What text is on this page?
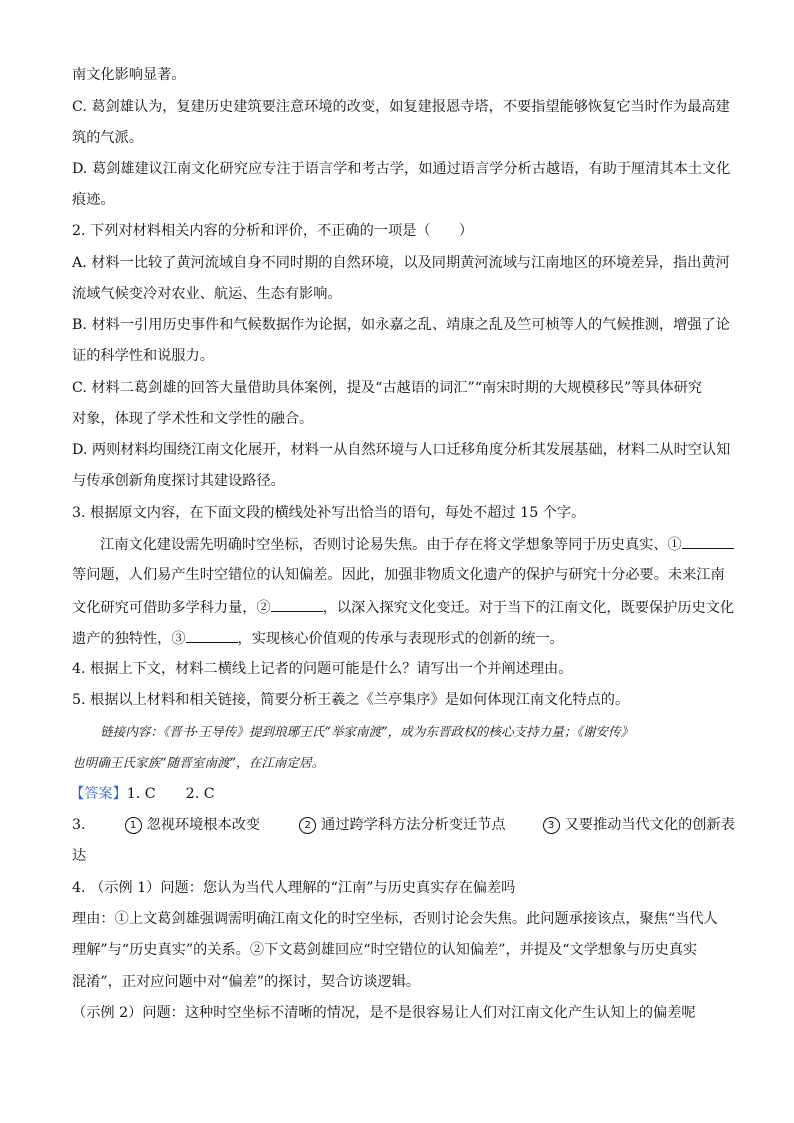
南文化影响显著。
C. 葛剑雄认为，复建历史建筑要注意环境的改变，如复建报恩寺塔，不要指望能够恢复它当时作为最高建
筑的气派。
D. 葛剑雄建议江南文化研究应专注于语言学和考古学，如通过语言学分析古越语，有助于厘清其本土文化
痕迹。
2. 下列对材料相关内容的分析和评价，不正确的一项是（　　）
A. 材料一比较了黄河流域自身不同时期的自然环境，以及同期黄河流域与江南地区的环境差异，指出黄河
流域气候变冷对农业、航运、生态有影响。
B. 材料一引用历史事件和气候数据作为论据，如永嘉之乱、靖康之乱及竺可桢等人的气候推测，增强了论
证的科学性和说服力。
C. 材料二葛剑雄的回答大量借助具体案例，提及“古越语的词汇”“南宋时期的大规模移民”等具体研究
对象，体现了学术性和文学性的融合。
D. 两则材料均围绕江南文化展开，材料一从自然环境与人口迁移角度分析其发展基础，材料二从时空认知
与传承创新角度探讨其建设路径。
3. 根据原文内容，在下面文段的横线处补写出恰当的语句，每处不超过 15 个字。
江南文化建设需先明确时空坐标，否则讨论易失焦。由于存在将文学想象等同于历史真实、①
等问题，人们易产生时空错位的认知偏差。因此，加强非物质文化遗产的保护与研究十分必要。未来江南
文化研究可借助多学科力量，②	，以深入探究文化变迁。对于当下的江南文化，既要保护历史文化
遗产的独特性，③	，实现核心价值观的传承与表现形式的创新的统一。
4. 根据上下文，材料二横线上记者的问题可能是什么？请写出一个并阐述理由。
5. 根据以上材料和相关链接，简要分析王羲之《兰亭集序》是如何体现江南文化特点的。
链接内容：《晋书·王导传》提到琅琊王氏“举家南渡”，成为东晋政权的核心支持力量；《谢安传》
也明确王氏家族“随晋室南渡”，在江南定居。
【答案】1. C 2. C
3.	1 忽视环境根本改变	2 通过跨学科方法分析变迁节点	3 又要推动当代文化的创新表
达
4. （示例 1）问题：您认为当代人理解的“江南”与历史真实存在偏差吗
理由：①上文葛剑雄强调需明确江南文化的时空坐标，否则讨论会失焦。此问题承接该点，聚焦“当代人
理解”与“历史真实”的关系。②下文葛剑雄回应“时空错位的认知偏差”，并提及“文学想象与历史真实
混淆”，正对应问题中对“偏差”的探讨，契合访谈逻辑。
（示例 2）问题：这种时空坐标不清晰的情况，是不是很容易让人们对江南文化产生认知上的偏差呢
